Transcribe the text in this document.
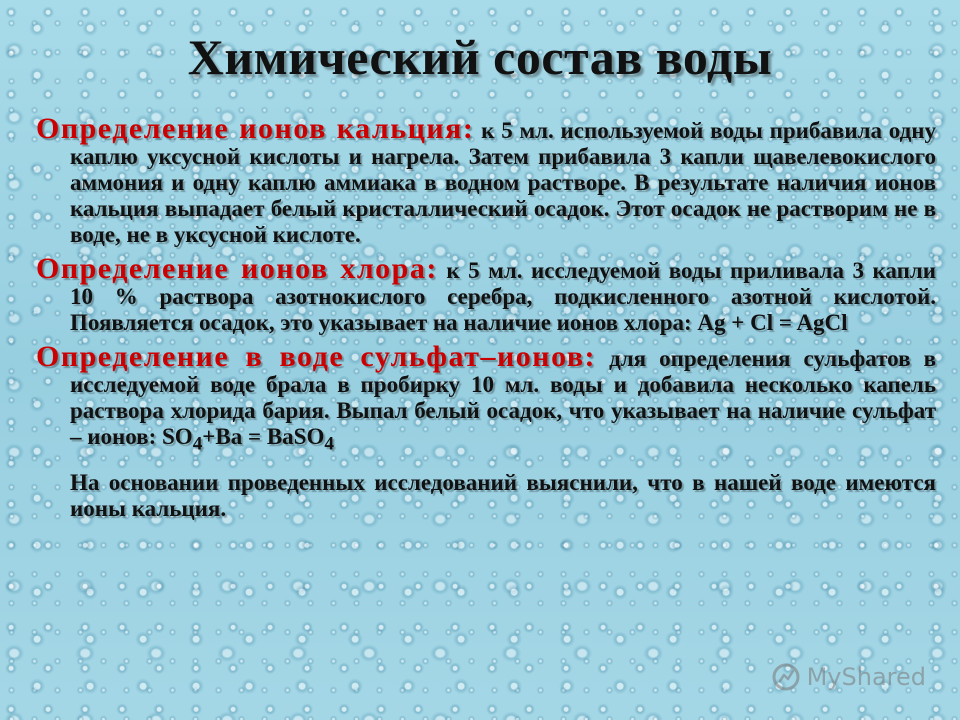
Химический состав воды

Определение ионов кальция: к 5 мл. используемой воды прибавила одну каплю уксусной кислоты и нагрела. Затем прибавила 3 капли щавелевокислого аммония и одну каплю аммиака в водном растворе. В результате наличия ионов кальция выпадает белый кристаллический осадок. Этот осадок не растворим не в воде, не в уксусной кислоте.

Определение ионов хлора: к 5 мл. исследуемой воды приливала 3 капли 10 % раствора азотнокислого серебра, подкисленного азотной кислотой. Появляется осадок, это указывает на наличие ионов хлора: Ag + Cl = AgCl

Определение в воде сульфат–ионов: для определения сульфатов в исследуемой воде брала в пробирку 10 мл. воды и добавила несколько капель раствора хлорида бария. Выпал белый осадок, что указывает на наличие сульфат – ионов: $SO_4+Ba$ = BaSO$_4$

На основании проведенных исследований выяснили, что в нашей воде имеются ионы кальция.

MyShared
